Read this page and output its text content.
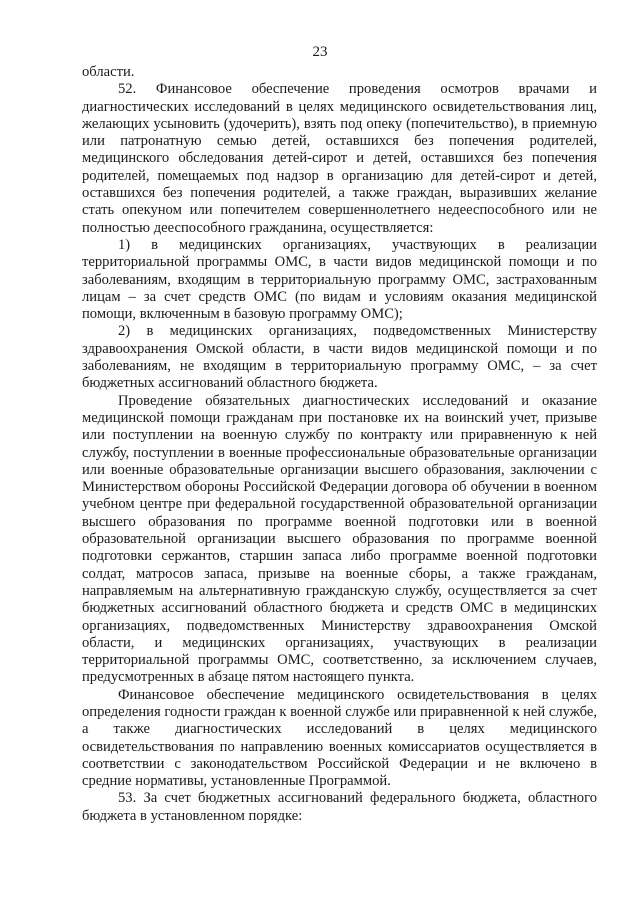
23

области.

52. Финансовое обеспечение проведения осмотров врачами и диагностических исследований в целях медицинского освидетельствования лиц, желающих усыновить (удочерить), взять под опеку (попечительство), в приемную или патронатную семью детей, оставшихся без попечения родителей, медицинского обследования детей-сирот и детей, оставшихся без попечения родителей, помещаемых под надзор в организацию для детей-сирот и детей, оставшихся без попечения родителей, а также граждан, выразивших желание стать опекуном или попечителем совершеннолетнего недееспособного или не полностью дееспособного гражданина, осуществляется:

1) в медицинских организациях, участвующих в реализации территориальной программы ОМС, в части видов медицинской помощи и по заболеваниям, входящим в территориальную программу ОМС, застрахованным лицам – за счет средств ОМС (по видам и условиям оказания медицинской помощи, включенным в базовую программу ОМС);

2) в медицинских организациях, подведомственных Министерству здравоохранения Омской области, в части видов медицинской помощи и по заболеваниям, не входящим в территориальную программу ОМС, – за счет бюджетных ассигнований областного бюджета.

Проведение обязательных диагностических исследований и оказание медицинской помощи гражданам при постановке их на воинский учет, призыве или поступлении на военную службу по контракту или приравненную к ней службу, поступлении в военные профессиональные образовательные организации или военные образовательные организации высшего образования, заключении с Министерством обороны Российской Федерации договора об обучении в военном учебном центре при федеральной государственной образовательной организации высшего образования по программе военной подготовки или в военной образовательной организации высшего образования по программе военной подготовки сержантов, старшин запаса либо программе военной подготовки солдат, матросов запаса, призыве на военные сборы, а также гражданам, направляемым на альтернативную гражданскую службу, осуществляется за счет бюджетных ассигнований областного бюджета и средств ОМС в медицинских организациях, подведомственных Министерству здравоохранения Омской области, и медицинских организациях, участвующих в реализации территориальной программы ОМС, соответственно, за исключением случаев, предусмотренных в абзаце пятом настоящего пункта.

Финансовое обеспечение медицинского освидетельствования в целях определения годности граждан к военной службе или приравненной к ней службе, а также диагностических исследований в целях медицинского освидетельствования по направлению военных комиссариатов осуществляется в соответствии с законодательством Российской Федерации и не включено в средние нормативы, установленные Программой.

53. За счет бюджетных ассигнований федерального бюджета, областного бюджета в установленном порядке:
